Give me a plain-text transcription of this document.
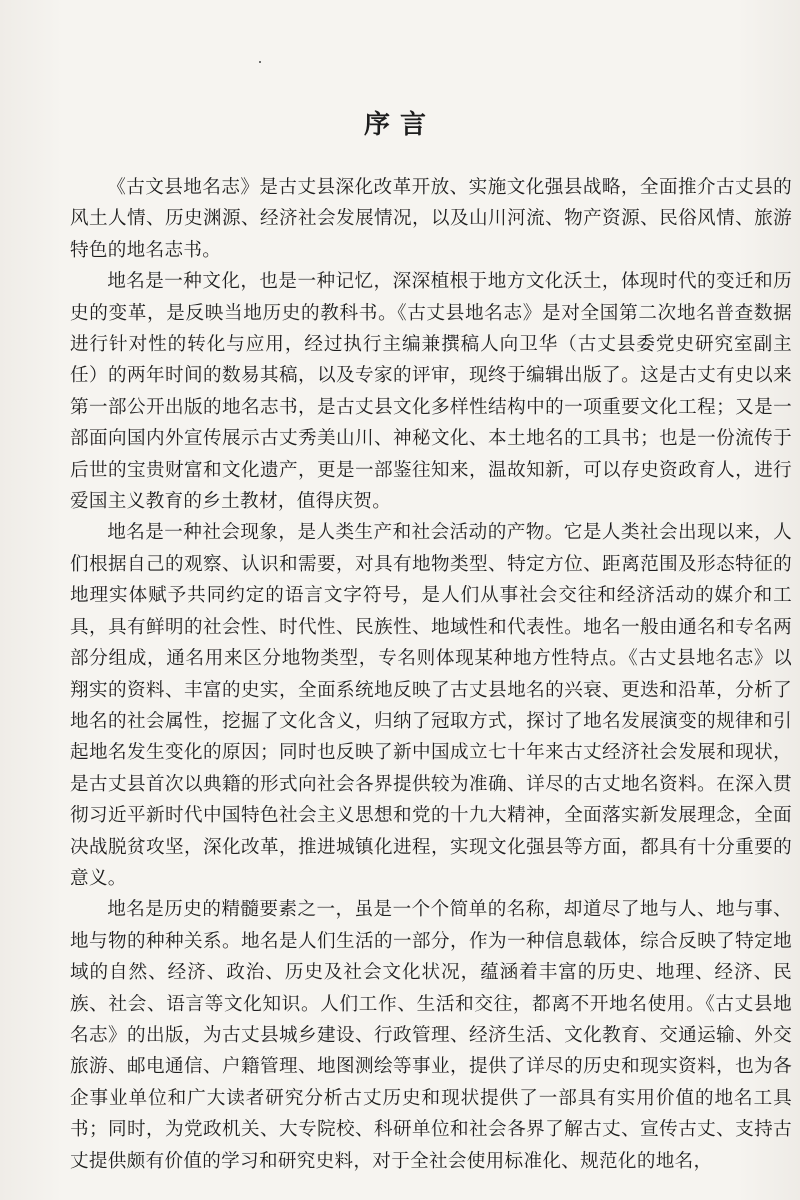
序言

《古文县地名志》是古丈县深化改革开放、实施文化强县战略，全面推介古丈县的风土人情、历史渊源、经济社会发展情况，以及山川河流、物产资源、民俗风情、旅游特色的地名志书。

地名是一种文化，也是一种记忆，深深植根于地方文化沃土，体现时代的变迁和历史的变革，是反映当地历史的教科书。《古丈县地名志》是对全国第二次地名普查数据进行针对性的转化与应用，经过执行主编兼撰稿人向卫华（古丈县委党史研究室副主任）的两年时间的数易其稿，以及专家的评审，现终于编辑出版了。这是古丈有史以来第一部公开出版的地名志书，是古丈县文化多样性结构中的一项重要文化工程；又是一部面向国内外宣传展示古丈秀美山川、神秘文化、本土地名的工具书；也是一份流传于后世的宝贵财富和文化遗产，更是一部鉴往知来，温故知新，可以存史资政育人，进行爱国主义教育的乡土教材，值得庆贺。

地名是一种社会现象，是人类生产和社会活动的产物。它是人类社会出现以来，人们根据自己的观察、认识和需要，对具有地物类型、特定方位、距离范围及形态特征的地理实体赋予共同约定的语言文字符号，是人们从事社会交往和经济活动的媒介和工具，具有鲜明的社会性、时代性、民族性、地域性和代表性。地名一般由通名和专名两部分组成，通名用来区分地物类型，专名则体现某种地方性特点。《古丈县地名志》以翔实的资料、丰富的史实，全面系统地反映了古丈县地名的兴衰、更迭和沿革，分析了地名的社会属性，挖掘了文化含义，归纳了冠取方式，探讨了地名发展演变的规律和引起地名发生变化的原因；同时也反映了新中国成立七十年来古丈经济社会发展和现状，是古丈县首次以典籍的形式向社会各界提供较为准确、详尽的古丈地名资料。在深入贯彻习近平新时代中国特色社会主义思想和党的十九大精神，全面落实新发展理念，全面决战脱贫攻坚，深化改革，推进城镇化进程，实现文化强县等方面，都具有十分重要的意义。

地名是历史的精髓要素之一，虽是一个个简单的名称，却道尽了地与人、地与事、地与物的种种关系。地名是人们生活的一部分，作为一种信息载体，综合反映了特定地域的自然、经济、政治、历史及社会文化状况，蕴涵着丰富的历史、地理、经济、民族、社会、语言等文化知识。人们工作、生活和交往，都离不开地名使用。《古丈县地名志》的出版，为古丈县城乡建设、行政管理、经济生活、文化教育、交通运输、外交旅游、邮电通信、户籍管理、地图测绘等事业，提供了详尽的历史和现实资料，也为各企事业单位和广大读者研究分析古丈历史和现状提供了一部具有实用价值的地名工具书；同时，为党政机关、大专院校、科研单位和社会各界了解古丈、宣传古丈、支持古丈提供颇有价值的学习和研究史料，对于全社会使用标准化、规范化的地名，
